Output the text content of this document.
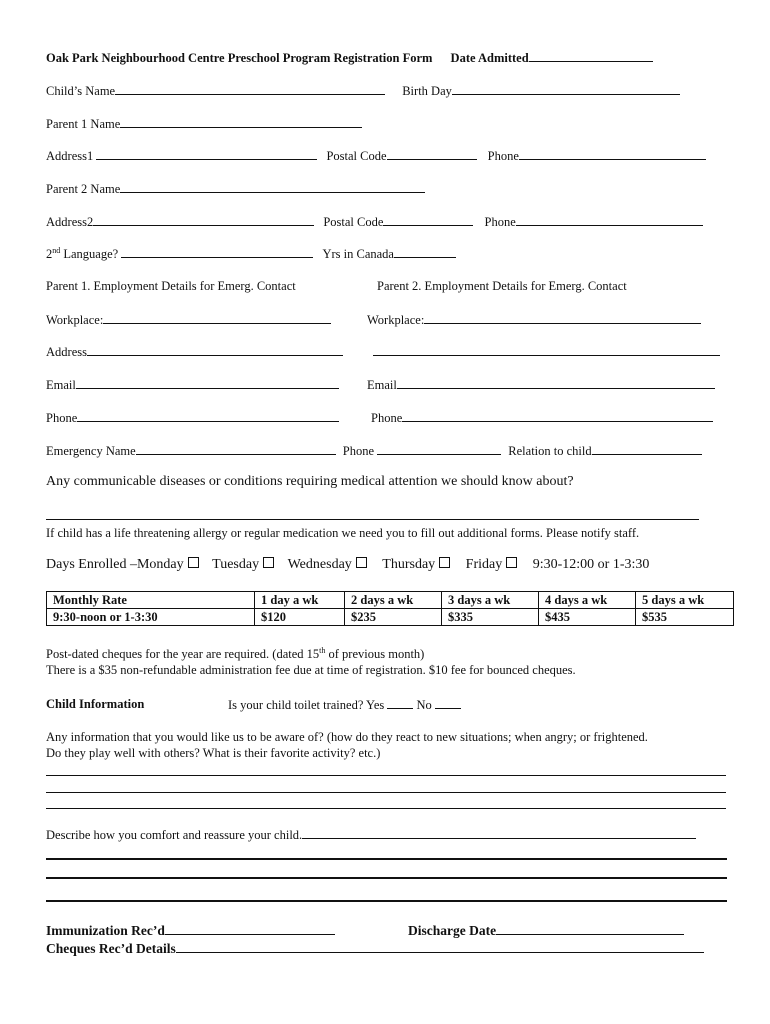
Oak Park Neighbourhood Centre Preschool Program Registration Form Date Admitted
Child’s Name	Birth Day
Parent 1 Name
Address1	Postal Code	Phone
Parent 2 Name
Address2	Postal Code	Phone
2nd Language?	Yrs in Canada
Parent 1. Employment Details for Emerg. Contact	Parent 2. Employment Details for Emerg. Contact
Workplace:	Workplace:
Address
Email	Email
Phone	Phone
Emergency Name	Phone	Relation to child
Any communicable diseases or conditions requiring medical attention we should know about?
If child has a life threatening allergy or regular medication we need you to fill out additional forms. Please notify staff.
Days Enrolled –Monday Tuesday Wednesday Thursday Friday 9:30-12:00 or 1-3:30
Monthly Rate	1 day a wk	2 days a wk	3 days a wk	4 days a wk	5 days a wk
9:30-noon or 1-3:30	$120	$235	$335	$435	$535
Post-dated cheques for the year are required. (dated 15th of previous month)
There is a $35 non-refundable administration fee due at time of registration. $10 fee for bounced cheques.
Child Information	Is your child toilet trained? Yes	No
Any information that you would like us to be aware of? (how do they react to new situations; when angry; or frightened.
Do they play well with others? What is their favorite activity? etc.)
Describe how you comfort and reassure your child.
Immunization Rec’d	Discharge Date
Cheques Rec’d Details
